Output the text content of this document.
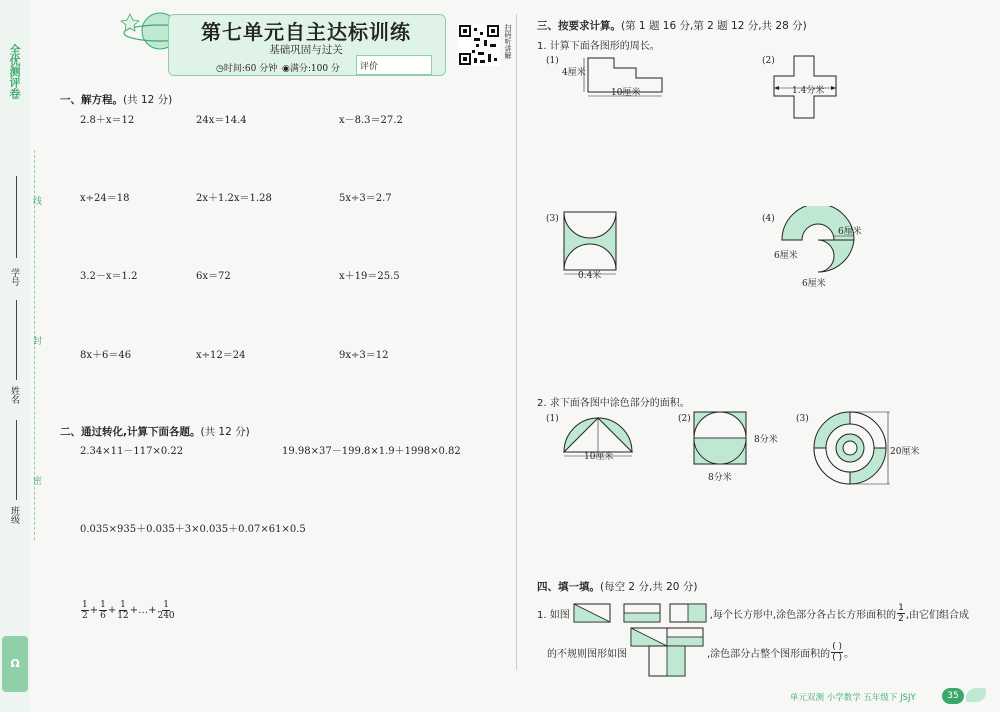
全优测评卷
线
封
密
学号
姓名
班级
Ω
第七单元自主达标训练
基础巩固与过关
◷时间:60 分钟 ◉满分:100 分 评价
扫码听讲解
一、解方程。(共 12 分)
2.8＋x＝12	24x＝14.4	x－8.3＝27.2
x÷24＝18	2x＋1.2x＝1.28	5x÷3＝2.7
3.2－x＝1.2	6x＝72	x＋19＝25.5
8x＋6＝46	x÷12＝24	9x÷3＝12
二、通过转化,计算下面各题。(共 12 分)
2.34×11－117×0.22	19.98×37－199.8×1.9＋1998×0.82
0.035×935＋0.035＋3×0.035＋0.07×61×0.5
$\frac{1}{2} + \frac{1}{6} + \frac{1}{12}$ +…+ $\frac{1}{240}$
三、按要求计算。(第 1 题 16 分,第 2 题 12 分,共 28 分)
1. 计算下面各图形的周长。
(1)
4厘米
10厘米
(2)
1.4分米
(3)
0.4米
(4)
6厘米
6厘米
6厘米
2. 求下面各图中涂色部分的面积。
(1)
10厘米
(2)
8分米
8分米
(3)
20厘米
四、填一填。(每空 2 分,共 20 分)
1. 如图	,每个长方形中,涂色部分各占长方形面积的 $\frac{1}{2}$ ,由它们组合成
的不规则图形如图	,涂色部分占整个图形面积的 $\frac{( )}{( )}$ 。
单元双测 小学数学 五年级下 JSJY	35
